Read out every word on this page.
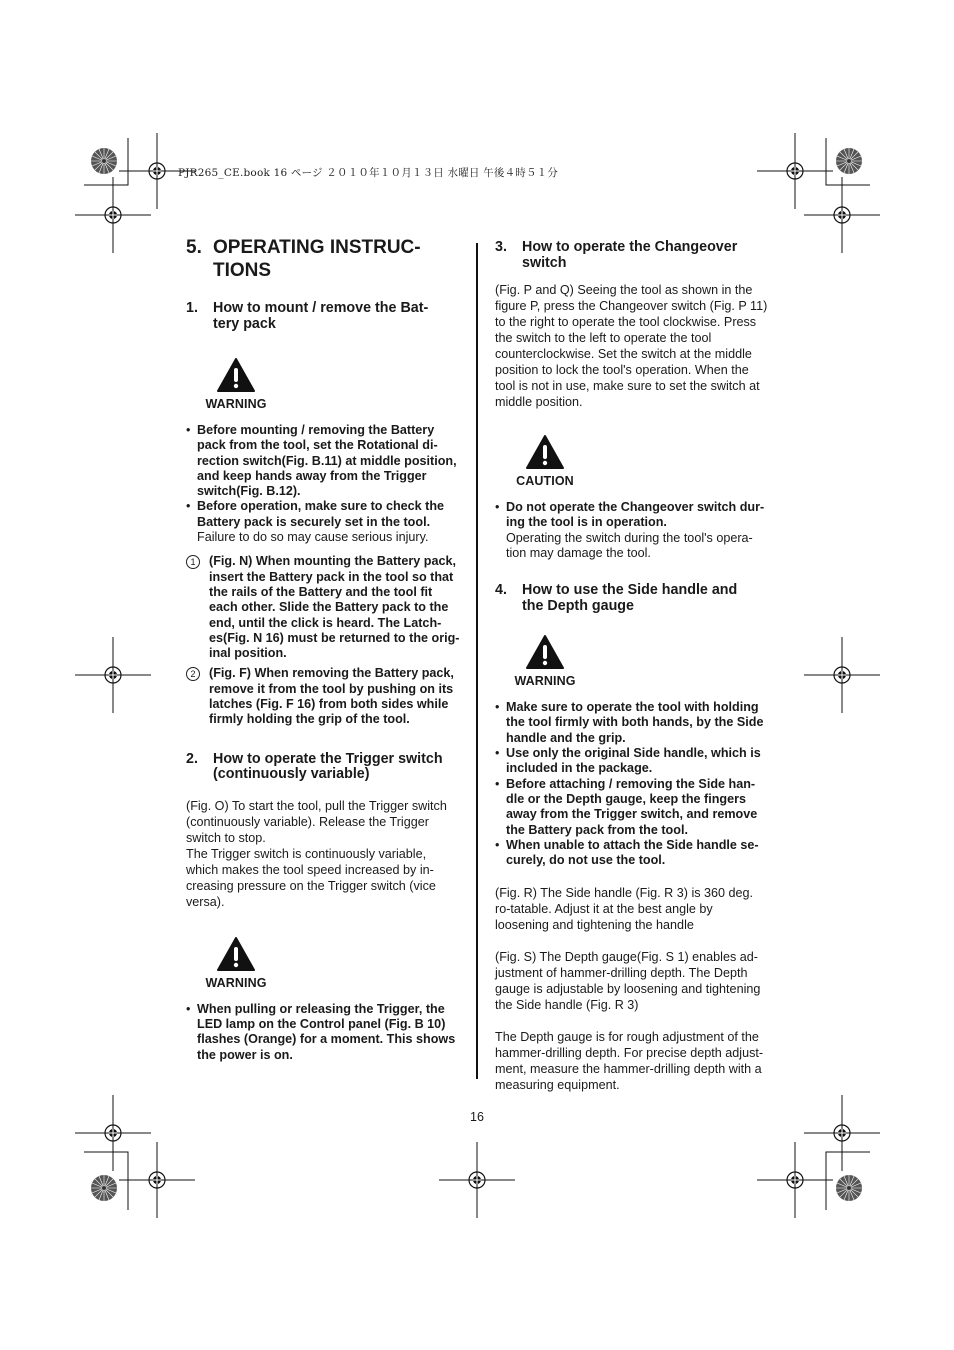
PJR265_CE.book 16 ページ ２０１０年１０月１３日 水曜日 午後４時５１分
5. OPERATING INSTRUC-
TIONS
1.	How to mount / remove the Bat-
tery pack
WARNING

• Before mounting / removing the Battery pack from the tool, set the Rotational di-rection switch(Fig. B.11) at middle position, and keep hands away from the Trigger switch(Fig. B.12).

• Before operation, make sure to check the Battery pack is securely set in the tool.
Failure to do so may cause serious injury.

1	(Fig. N) When mounting the Battery pack, insert the Battery pack in the tool so that the rails of the Battery and the tool fit each other. Slide the Battery pack to the end, until the click is heard. The Latch-es(Fig. N 16) must be returned to the orig-inal position.

2	(Fig. F) When removing the Battery pack, remove it from the tool by pushing on its latches (Fig. F 16) from both sides while firmly holding the grip of the tool.

2.	How to operate the Trigger switch
(continuously variable)

(Fig. O) To start the tool, pull the Trigger switch (continuously variable). Release the Trigger switch to stop.

The Trigger switch is continuously variable, which makes the tool speed increased by in-creasing pressure on the Trigger switch (vice versa).

WARNING

• When pulling or releasing the Trigger, the LED lamp on the Control panel (Fig. B 10) flashes (Orange) for a moment. This shows the power is on.

3.	How to operate the Changeover
switch

(Fig. P and Q) Seeing the tool as shown in the figure P, press the Changeover switch (Fig. P 11) to the right to operate the tool clockwise. Press the switch to the left to operate the tool counterclockwise. Set the switch at the middle position to lock the tool's operation. When the tool is not in use, make sure to set the switch at middle position.

CAUTION

• Do not operate the Changeover switch dur-ing the tool is in operation.
Operating the switch during the tool's opera-tion may damage the tool.

4.	How to use the Side handle and
the Depth gauge
WARNING

• Make sure to operate the tool with holding the tool firmly with both hands, by the Side handle and the grip.

• Use only the original Side handle, which is included in the package.

• Before attaching / removing the Side han-dle or the Depth gauge, keep the fingers away from the Trigger switch, and remove the Battery pack from the tool.

• When unable to attach the Side handle se-curely, do not use the tool.

(Fig. R) The Side handle (Fig. R 3) is 360 deg. ro-tatable. Adjust it at the best angle by loosening and tightening the handle

(Fig. S) The Depth gauge(Fig. S 1) enables ad-justment of hammer-drilling depth. The Depth gauge is adjustable by loosening and tightening the Side handle (Fig. R 3)

The Depth gauge is for rough adjustment of the hammer-drilling depth. For precise depth adjust-ment, measure the hammer-drilling depth with a measuring equipment.

16
